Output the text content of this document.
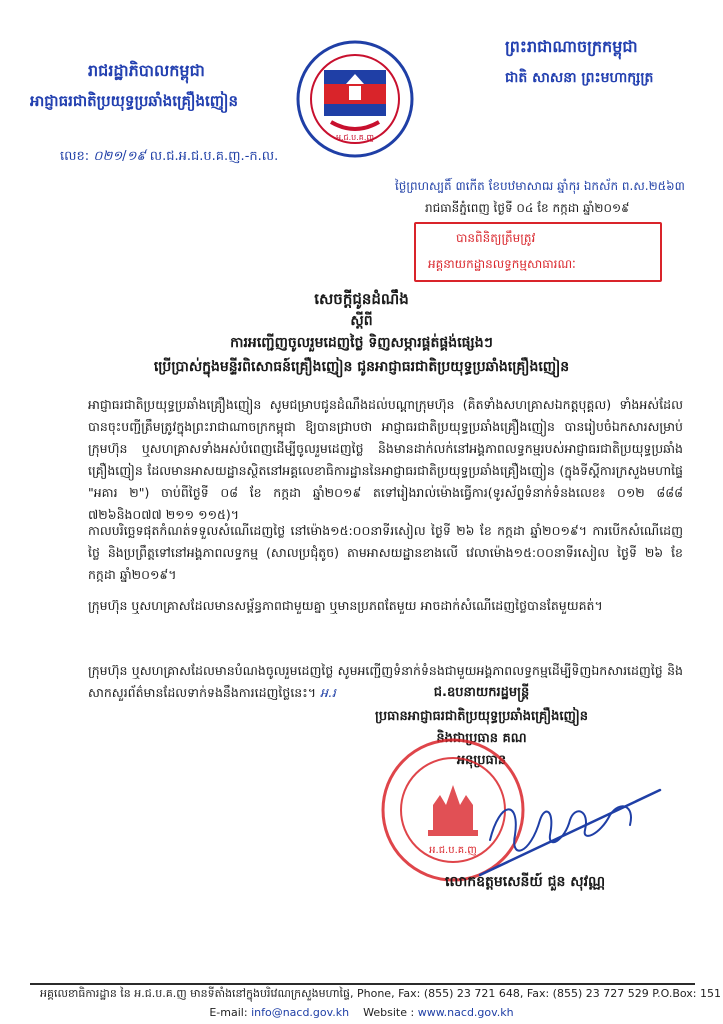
រាជរដ្ឋាភិបាលកម្ពុជា
អាជ្ញាធរជាតិប្រយុទ្ធប្រឆាំងគ្រឿងញៀន
ព្រះរាជាណាចក្រកម្ពុជា
ជាតិ សាសនា ព្រះមហាក្សត្រ
អ.ជ.ប.គ.ញ
លេខ: ០២១/១៩ ល.ជ.អ.ជ.ប.គ.ញ.-ក.ល.
ថ្ងៃព្រហស្បតិ៍ ៣កើត ខែបឋមាសាឍ ឆ្នាំកុរ ឯកស័ក ព.ស.២៥៦៣
រាជធានីភ្នំពេញ ថ្ងៃទី ០៤ ខែ កក្កដា ឆ្នាំ២០១៩
បានពិនិត្យត្រឹមត្រូវ
អគ្គនាយកដ្ឋានលទ្ធកម្មសាធារណៈ
សេចក្តីជូនដំណឹង
ស្តីពី
ការអញ្ជើញចូលរួមដេញថ្លៃ ទិញសម្ភារផ្គត់ផ្គង់ផ្សេងៗ
ប្រើប្រាស់ក្នុងមន្ទីរពិសោធន៍គ្រឿងញៀន ជូនអាជ្ញាធរជាតិប្រយុទ្ធប្រឆាំងគ្រឿងញៀន
អាជ្ញាធរជាតិប្រយុទ្ធប្រឆាំងគ្រឿងញៀន សូមជម្រាបជូនដំណឹងដល់បណ្តាក្រុមហ៊ុន (គិតទាំងសហគ្រាសឯកត្តបុគ្គល) ទាំងអស់ដែលបានចុះបញ្ជីត្រឹមត្រូវក្នុងព្រះរាជាណាចក្រកម្ពុជា ឱ្យបានជ្រាបថា អាជ្ញាធរជាតិប្រយុទ្ធប្រឆាំងគ្រឿងញៀន បានរៀបចំឯកសារសម្រាប់ក្រុមហ៊ុន ឬសហគ្រាសទាំងអស់បំពេញដើម្បីចូលរួមដេញថ្លៃ និងមានដាក់លក់នៅអង្គភាពលទ្ធកម្មរបស់អាជ្ញាធរជាតិប្រយុទ្ធប្រឆាំងគ្រឿងញៀន ដែលមានអាសយដ្ឋានស្ថិតនៅអគ្គលេខាធិការដ្ឋាននៃអាជ្ញាធរជាតិប្រយុទ្ធប្រឆាំងគ្រឿងញៀន (ក្នុងទីស្តីការក្រសួងមហាផ្ទៃ "អគារ ២") ចាប់ពីថ្ងៃទី ០៨ ខែ កក្កដា ឆ្នាំ២០១៩ តទៅរៀងរាល់ម៉ោងធ្វើការ(ទូរស័ព្ទទំនាក់ទំនងលេខ៖ ០១២ ៨៨៨ ៧២៦និង០៧៧ ២១១ ១១៥)។
កាលបរិច្ឆេទផុតកំណត់ទទួលសំណើដេញថ្លៃ នៅម៉ោង១៥:០០នាទីរសៀល ថ្ងៃទី ២៦ ខែ កក្កដា ឆ្នាំ២០១៩។ ការបើកសំណើដេញថ្លៃ និងប្រព្រឹត្តទៅនៅអង្គភាពលទ្ធកម្ម (សាលប្រជុំតូច) តាមអាសយដ្ឋានខាងលើ វេលាម៉ោង១៥:០០នាទីរសៀល ថ្ងៃទី ២៦ ខែ កក្កដា ឆ្នាំ២០១៩។
ក្រុមហ៊ុន ឬសហគ្រាសដែលមានសម្ព័ន្ធភាពជាមួយគ្នា ឬមានប្រភពតែមួយ អាចដាក់សំណើដេញថ្លៃបានតែមួយគត់។
ក្រុមហ៊ុន ឬសហគ្រាសដែលមានបំណងចូលរួមដេញថ្លៃ សូមអញ្ជើញទំនាក់ទំនងជាមួយអង្គភាពលទ្ធកម្មដើម្បីទិញឯកសារដេញថ្លៃ និងសាកសួរព័ត៌មានដែលទាក់ទងនឹងការដេញថ្លៃនេះ។ អ.រ	ជ.ឧបនាយករដ្ឋមន្ត្រី
ប្រធានអាជ្ញាធរជាតិប្រយុទ្ធប្រឆាំងគ្រឿងញៀន
និងជាប្រធាន គណ
អនុប្រធាន
អ.ជ.ប.គ.ញ
លោកឧត្តមសេនីយ៍ ជួន សុវណ្ណ
អគ្គលេខាធិការដ្ឋាន នៃ អ.ជ.ប.គ.ញ មានទីតាំងនៅក្នុងបរិវេណក្រសួងមហាផ្ទៃ, Phone, Fax: (855) 23 721 648, Fax: (855) 23 727 529 P.O.Box: 151
E-mail: info@nacd.gov.kh Website : www.nacd.gov.kh
